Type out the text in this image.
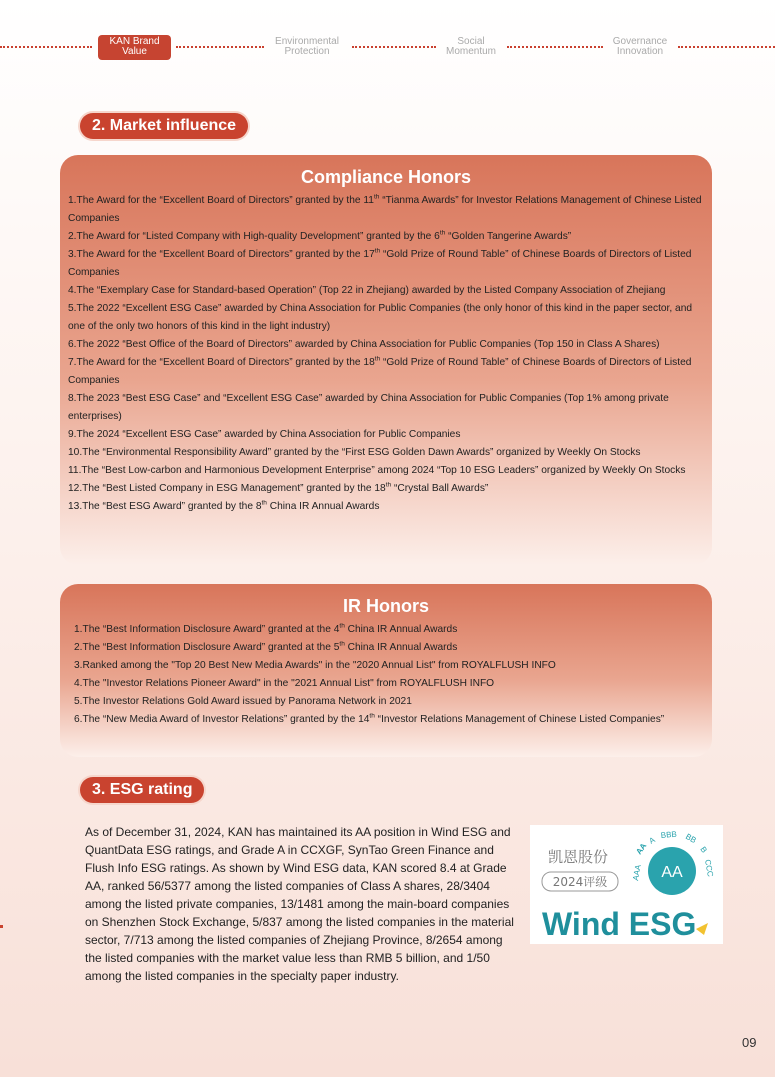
KAN Brand Value
Environmental Protection
Social Momentum
Governance Innovation
2. Market influence
Compliance Honors
1.The Award for the “Excellent Board of Directors” granted by the 11th “Tianma Awards” for Investor Relations Management of Chinese Listed Companies
2.The Award for “Listed Company with High-quality Development” granted by the 6th “Golden Tangerine Awards”
3.The Award for the “Excellent Board of Directors” granted by the 17th “Gold Prize of Round Table” of Chinese Boards of Directors of Listed Companies
4.The “Exemplary Case for Standard-based Operation” (Top 22 in Zhejiang) awarded by the Listed Company Association of Zhejiang
5.The 2022 “Excellent ESG Case” awarded by China Association for Public Companies (the only honor of this kind in the paper sector, and one of the only two honors of this kind in the light industry)
6.The 2022 “Best Office of the Board of Directors” awarded by China Association for Public Companies (Top 150 in Class A Shares)
7.The Award for the “Excellent Board of Directors” granted by the 18th “Gold Prize of Round Table” of Chinese Boards of Directors of Listed Companies
8.The 2023 “Best ESG Case” and “Excellent ESG Case” awarded by China Association for Public Companies (Top 1% among private enterprises)
9.The 2024 “Excellent ESG Case” awarded by China Association for Public Companies
10.The “Environmental Responsibility Award” granted by the “First ESG Golden Dawn Awards” organized by Weekly On Stocks
11.The “Best Low-carbon and Harmonious Development Enterprise” among 2024 “Top 10 ESG Leaders” organized by Weekly On Stocks
12.The “Best Listed Company in ESG Management” granted by the 18th “Crystal Ball Awards”
13.The “Best ESG Award” granted by the 8th China IR Annual Awards
IR Honors
1.The “Best Information Disclosure Award” granted at the 4th China IR Annual Awards
2.The “Best Information Disclosure Award” granted at the 5th China IR Annual Awards
3.Ranked among the "Top 20 Best New Media Awards" in the "2020 Annual List" from ROYALFLUSH INFO
4.The "Investor Relations Pioneer Award" in the "2021 Annual List" from ROYALFLUSH INFO
5.The Investor Relations Gold Award issued by Panorama Network in 2021
6.The “New Media Award of Investor Relations” granted by the 14th “Investor Relations Management of Chinese Listed Companies”
3. ESG rating
As of December 31, 2024, KAN has maintained its AA position in Wind ESG and QuantData ESG ratings, and Grade A in CCXGF, SynTao Green Finance and Flush Info ESG ratings. As shown by Wind ESG data, KAN scored 8.4 at Grade AA, ranked 56/5377 among the listed companies of Class A shares, 28/3404 among the listed private companies, 13/1481 among the main-board companies on Shenzhen Stock Exchange, 5/837 among the listed companies in the material sector, 7/713 among the listed companies of Zhejiang Province, 8/2654 among the listed companies with the market value less than RMB 5 billion, and 1/50 among the listed companies in the specialty paper industry.
凯恩股份
2024评级
AA
AAA
AA
A
BBB BB
B
CCC
Wind ESG
09
